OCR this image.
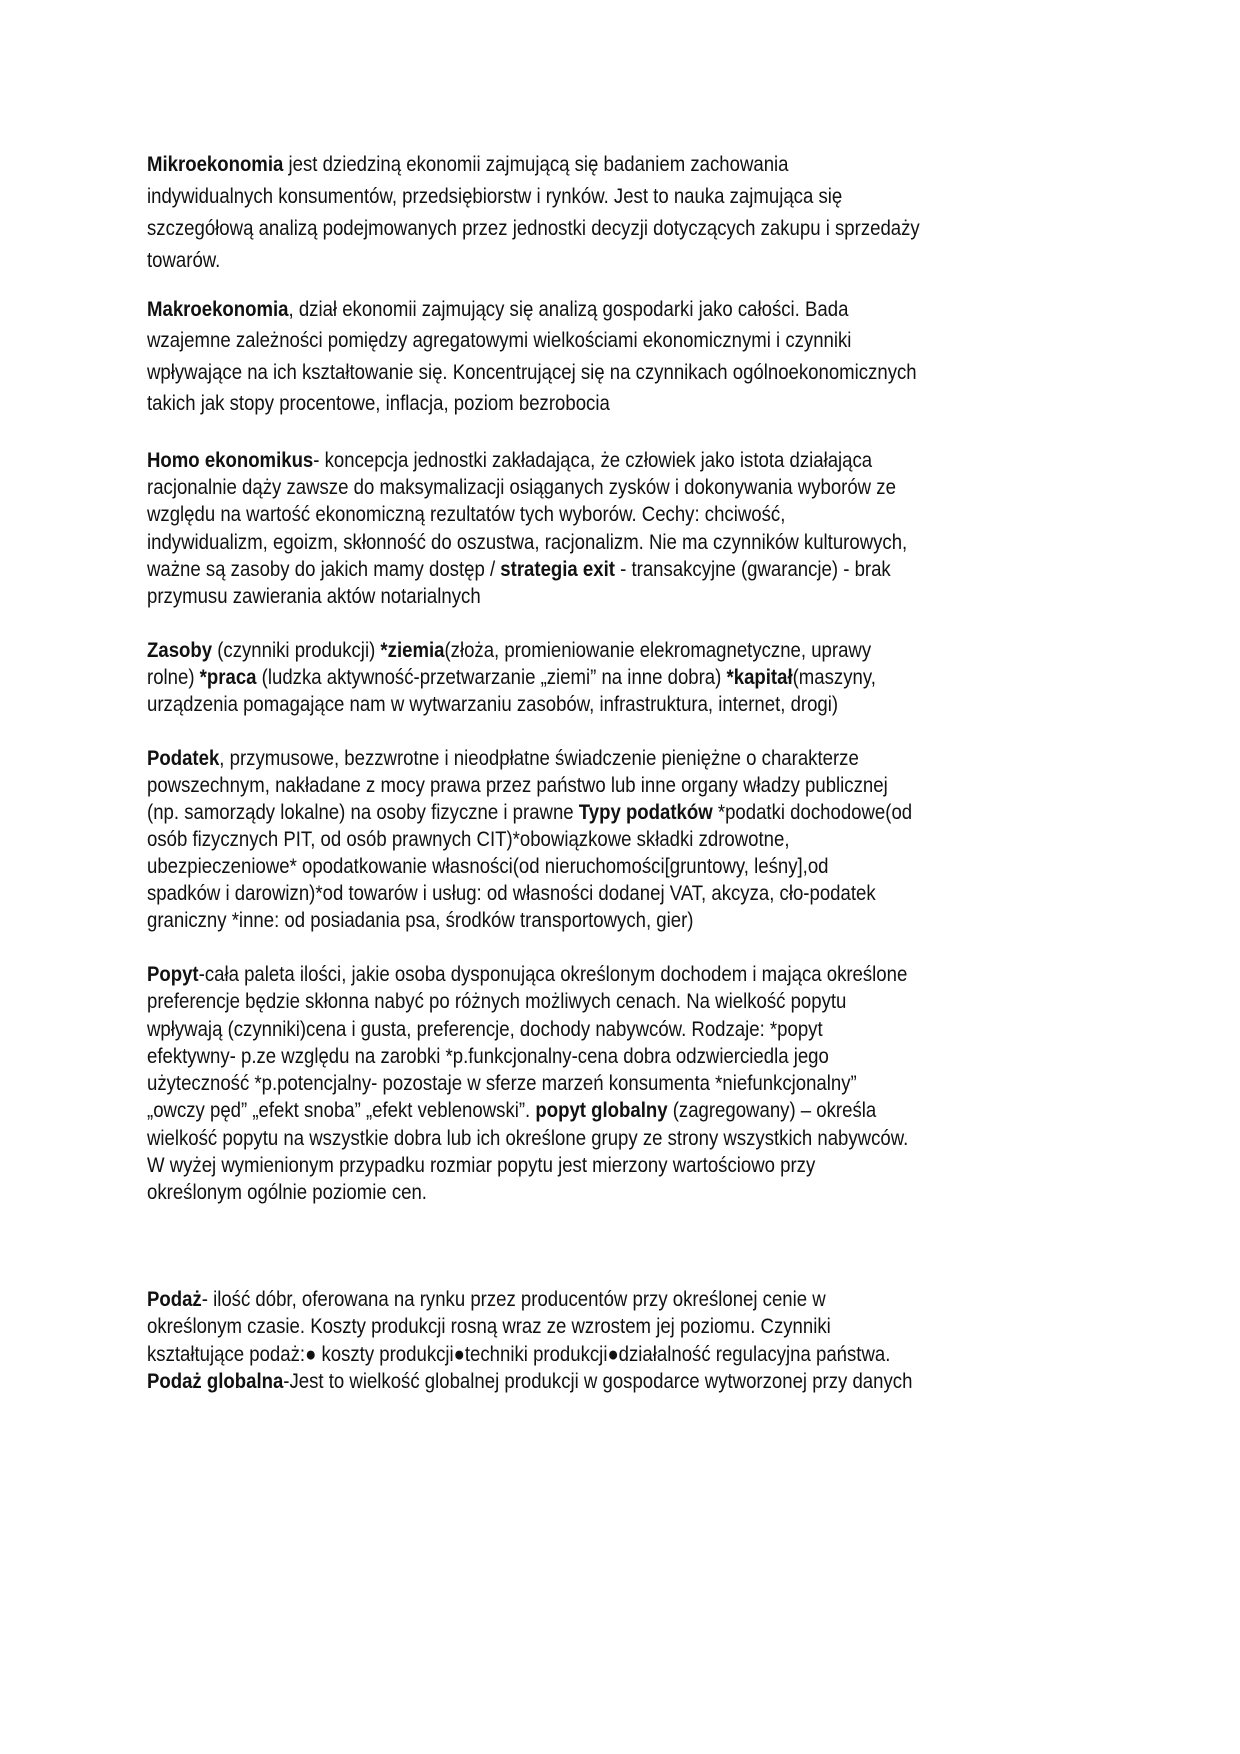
Mikroekonomia jest dziedziną ekonomii zajmującą się badaniem zachowania
indywidualnych konsumentów, przedsiębiorstw i rynków. Jest to nauka zajmująca się
szczegółową analizą podejmowanych przez jednostki decyzji dotyczących zakupu i sprzedaży
towarów.
Makroekonomia, dział ekonomii zajmujący się analizą gospodarki jako całości. Bada
wzajemne zależności pomiędzy agregatowymi wielkościami ekonomicznymi i czynniki
wpływające na ich kształtowanie się. Koncentrującej się na czynnikach ogólnoekonomicznych
takich jak stopy procentowe, inflacja, poziom bezrobocia
Homo ekonomikus- koncepcja jednostki zakładająca, że człowiek jako istota działająca
racjonalnie dąży zawsze do maksymalizacji osiąganych zysków i dokonywania wyborów ze
względu na wartość ekonomiczną rezultatów tych wyborów. Cechy: chciwość,
indywidualizm, egoizm, skłonność do oszustwa, racjonalizm. Nie ma czynników kulturowych,
ważne są zasoby do jakich mamy dostęp / strategia exit - transakcyjne (gwarancje) - brak
przymusu zawierania aktów notarialnych
Zasoby (czynniki produkcji) *ziemia(złoża, promieniowanie elekromagnetyczne, uprawy
rolne) *praca (ludzka aktywność-przetwarzanie „ziemi” na inne dobra) *kapitał(maszyny,
urządzenia pomagające nam w wytwarzaniu zasobów, infrastruktura, internet, drogi)
Podatek, przymusowe, bezzwrotne i nieodpłatne świadczenie pieniężne o charakterze
powszechnym, nakładane z mocy prawa przez państwo lub inne organy władzy publicznej
(np. samorządy lokalne) na osoby fizyczne i prawne Typy podatków *podatki dochodowe(od
osób fizycznych PIT, od osób prawnych CIT)*obowiązkowe składki zdrowotne,
ubezpieczeniowe* opodatkowanie własności(od nieruchomości[gruntowy, leśny],od
spadków i darowizn)*od towarów i usług: od własności dodanej VAT, akcyza, cło-podatek
graniczny *inne: od posiadania psa, środków transportowych, gier)
Popyt-cała paleta ilości, jakie osoba dysponująca określonym dochodem i mająca określone
preferencje będzie skłonna nabyć po różnych możliwych cenach. Na wielkość popytu
wpływają (czynniki)cena i gusta, preferencje, dochody nabywców. Rodzaje: *popyt
efektywny- p.ze względu na zarobki *p.funkcjonalny-cena dobra odzwierciedla jego
użyteczność *p.potencjalny- pozostaje w sferze marzeń konsumenta *niefunkcjonalny”
„owczy pęd” „efekt snoba” „efekt veblenowski”. popyt globalny (zagregowany) – określa
wielkość popytu na wszystkie dobra lub ich określone grupy ze strony wszystkich nabywców.
W wyżej wymienionym przypadku rozmiar popytu jest mierzony wartościowo przy
określonym ogólnie poziomie cen.
Podaż- ilość dóbr, oferowana na rynku przez producentów przy określonej cenie w
określonym czasie. Koszty produkcji rosną wraz ze wzrostem jej poziomu. Czynniki
kształtujące podaż:● koszty produkcji●techniki produkcji●działalność regulacyjna państwa.
Podaż globalna-Jest to wielkość globalnej produkcji w gospodarce wytworzonej przy danych
